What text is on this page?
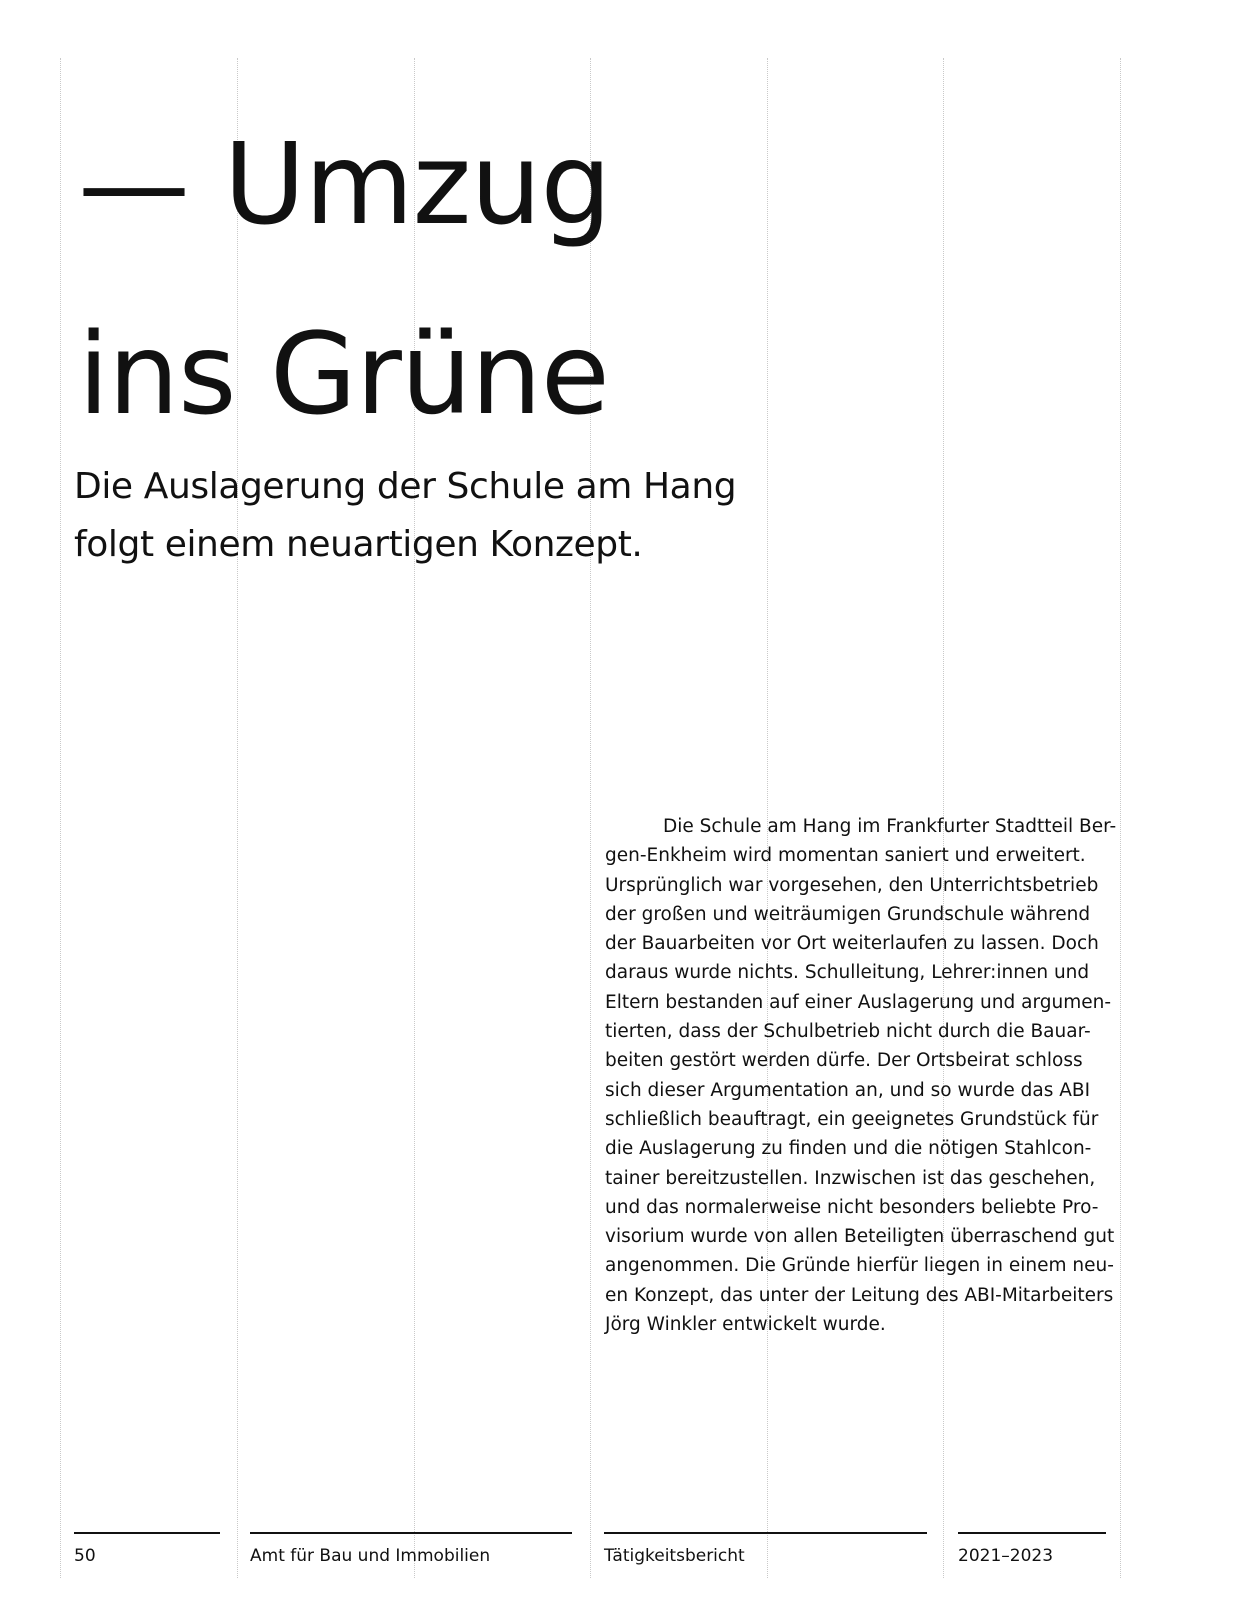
— Umzug
ins Grüne
Die Auslagerung der Schule am Hang
folgt einem neuartigen Konzept.
Die Schule am Hang im Frankfurter Stadtteil Ber-
gen-Enkheim wird momentan saniert und erweitert.
Ursprünglich war vorgesehen, den Unterrichtsbetrieb
der großen und weiträumigen Grundschule während
der Bauarbeiten vor Ort weiterlaufen zu lassen. Doch
daraus wurde nichts. Schulleitung, Lehrer:innen und
Eltern bestanden auf einer Auslagerung und argumen-
tierten, dass der Schulbetrieb nicht durch die Bauar-
beiten gestört werden dürfe. Der Ortsbeirat schloss
sich dieser Argumentation an, und so wurde das ABI
schließlich beauftragt, ein geeignetes Grundstück für
die Auslagerung zu finden und die nötigen Stahlcon-
tainer bereitzustellen. Inzwischen ist das geschehen,
und das normalerweise nicht besonders beliebte Pro-
visorium wurde von allen Beteiligten überraschend gut
angenommen. Die Gründe hierfür liegen in einem neu-
en Konzept, das unter der Leitung des ABI-Mitarbeiters
Jörg Winkler entwickelt wurde.
50	Amt für Bau und Immobilien	Tätigkeitsbericht	2021–2023
